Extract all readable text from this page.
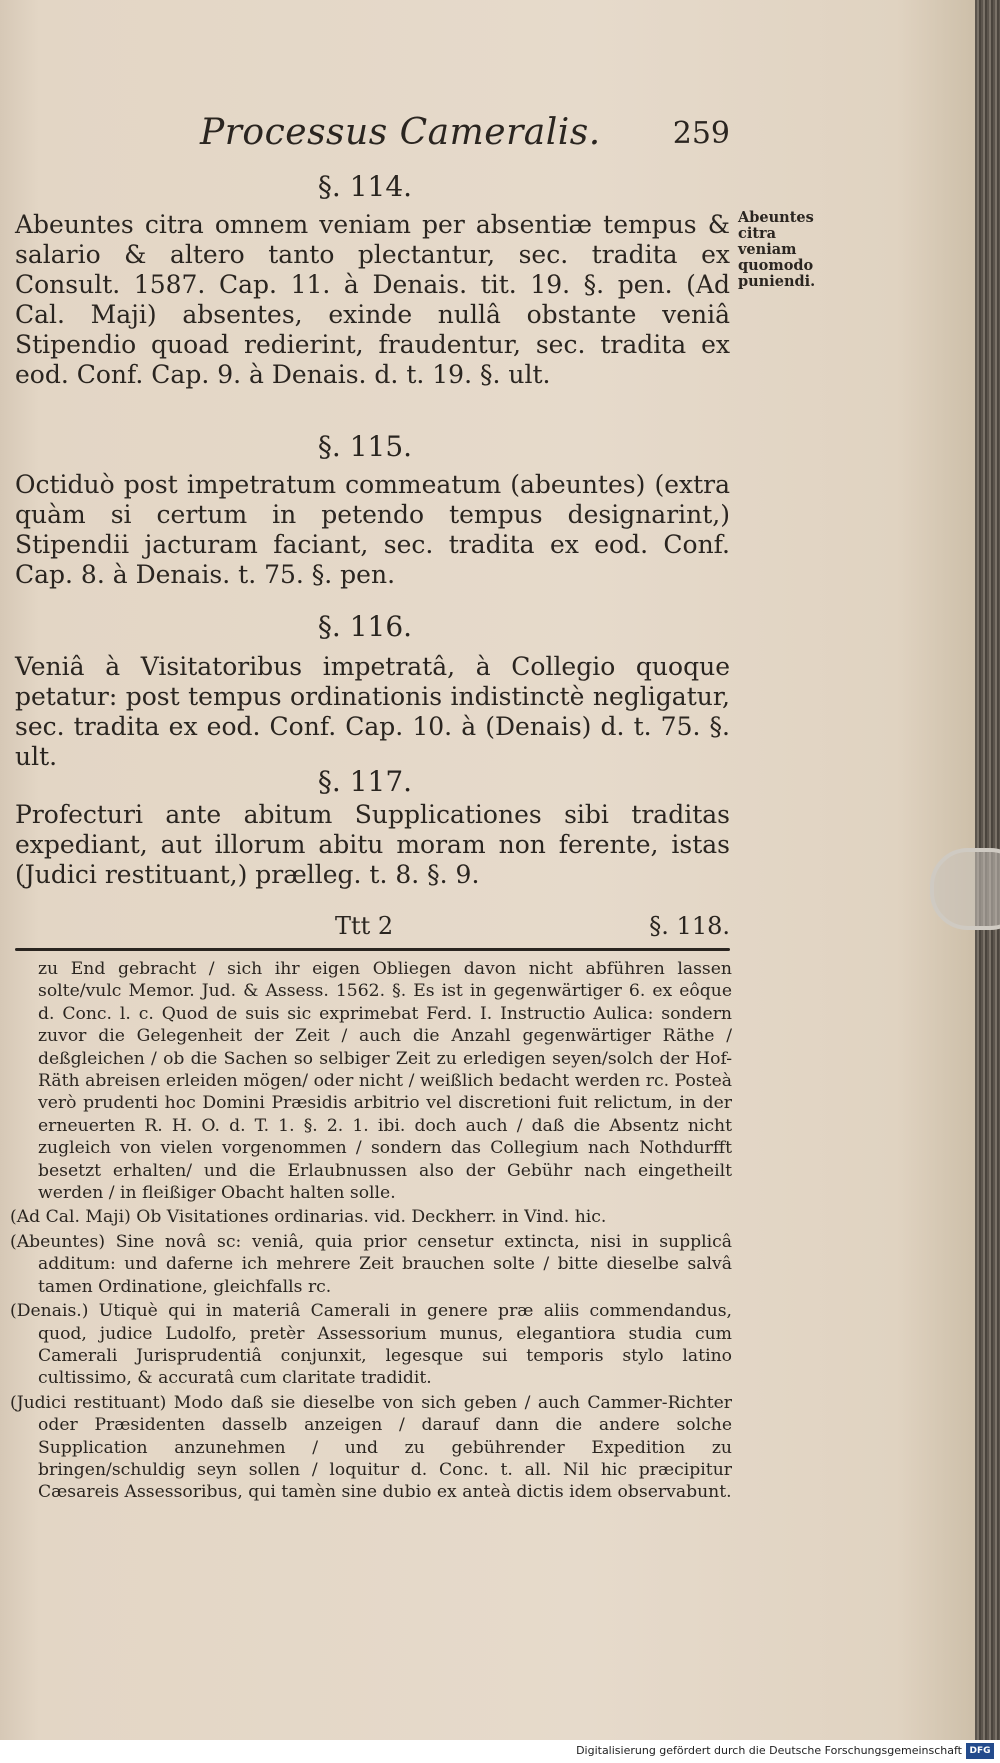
Processus Cameralis. 259
§. 114.
Abeuntes citra omnem veniam per absentiæ tempus & salario & altero tanto plectantur, sec. tradita ex Consult. 1587. Cap. 11. à Denais. tit. 19. §. pen. (Ad Cal. Maji) absentes, exinde nullâ obstante veniâ Stipendio quoad redierint, fraudentur, sec. tradita ex eod. Conf. Cap. 9. à Denais. d. t. 19. §. ult.
Abeuntes citra veniam quomodo puniendi.
§. 115.
Octiduò post impetratum commeatum (abeuntes) (extra quàm si certum in petendo tempus designarint,) Stipendii jacturam faciant, sec. tradita ex eod. Conf. Cap. 8. à Denais. t. 75. §. pen.
§. 116.
Veniâ à Visitatoribus impetratâ, à Collegio quoque petatur: post tempus ordinationis indistinctè negligatur, sec. tradita ex eod. Conf. Cap. 10. à (Denais) d. t. 75. §. ult.
§. 117.
Profecturi ante abitum Supplicationes sibi traditas expediant, aut illorum abitu moram non ferente, istas (Judici restituant,) prælleg. t. 8. §. 9.
Ttt 2	§. 118.

zu End gebracht / sich ihr eigen Obliegen davon nicht abführen lassen solte/vulc Memor. Jud. & Assess. 1562. §. Es ist in gegenwärtiger 6. ex eôque d. Conc. l. c. Quod de suis sic exprimebat Ferd. I. Instructio Aulica: sondern zuvor die Gelegenheit der Zeit / auch die Anzahl gegenwärtiger Räthe / deßgleichen / ob die Sachen so selbiger Zeit zu erledigen seyen/solch der Hof-Räth abreisen erleiden mögen/ oder nicht / weißlich bedacht werden rc. Posteà verò prudenti hoc Domini Præsidis arbitrio vel discretioni fuit relictum, in der erneuerten R. H. O. d. T. 1. §. 2. 1. ibi. doch auch / daß die Absentz nicht zugleich von vielen vorgenommen / sondern das Collegium nach Nothdurfft besetzt erhalten/ und die Erlaubnussen also der Gebühr nach eingetheilt werden / in fleißiger Obacht halten solle.

(Ad Cal. Maji) Ob Visitationes ordinarias. vid. Deckherr. in Vind. hic.

(Abeuntes) Sine novâ sc: veniâ, quia prior censetur extincta, nisi in supplicâ additum: und daferne ich mehrere Zeit brauchen solte / bitte dieselbe salvâ tamen Ordinatione, gleichfalls rc.

(Denais.) Utiquè qui in materiâ Camerali in genere præ aliis commendandus, quod, judice Ludolfo, pretèr Assessorium munus, elegantiora studia cum Camerali Jurisprudentiâ conjunxit, legesque sui temporis stylo latino cultissimo, & accuratâ cum claritate tradidit.

(Judici restituant) Modo daß sie dieselbe von sich geben / auch Cammer-Richter oder Præsidenten dasselb anzeigen / darauf dann die andere solche Supplication anzunehmen / und zu gebührender Expedition zu bringen/schuldig seyn sollen / loquitur d. Conc. t. all. Nil hic præcipitur Cæsareis Assessoribus, qui tamèn sine dubio ex anteà dictis idem observabunt.

Digitalisierung gefördert durch die Deutsche Forschungsgemeinschaft DFG
